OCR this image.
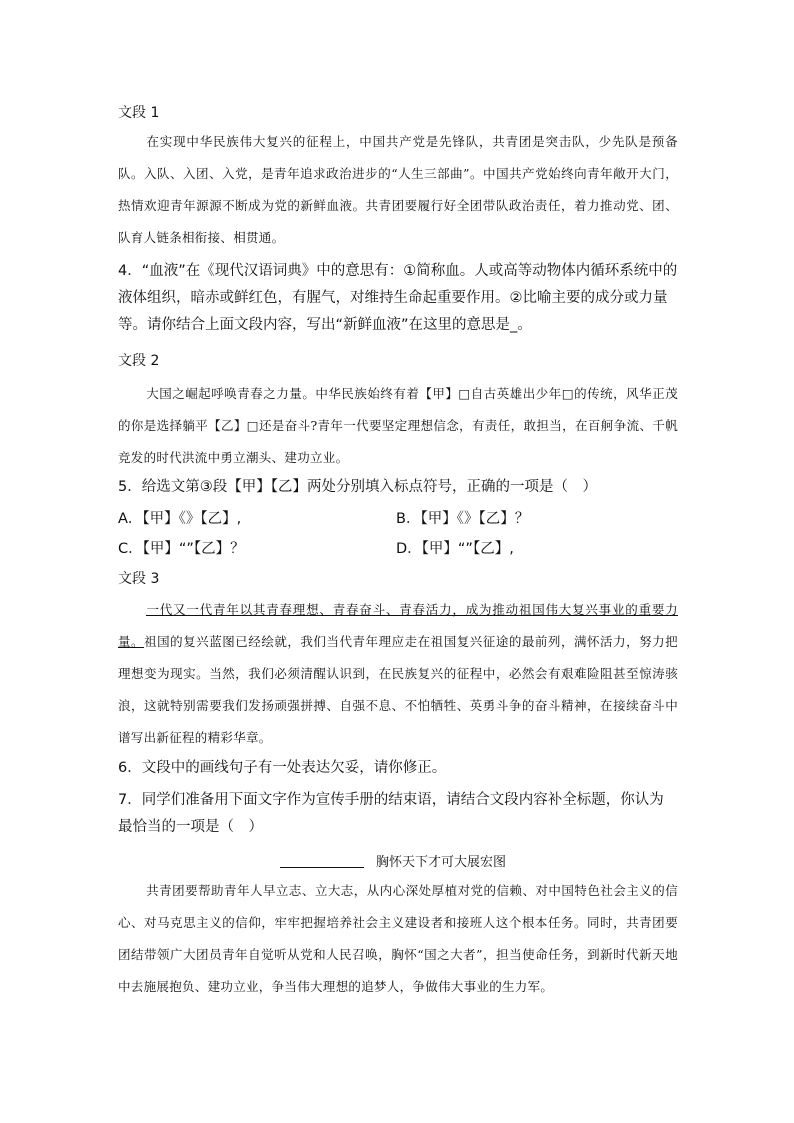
文段 1
在实现中华民族伟大复兴的征程上，中国共产党是先锋队，共青团是突击队，少先队是预备队。入队、入团、入党，是青年追求政治进步的“人生三部曲”。中国共产党始终向青年敞开大门，热情欢迎青年源源不断成为党的新鲜血液。共青团要履行好全团带队政治责任，着力推动党、团、队育人链条相衔接、相贯通。
4．“血液”在《现代汉语词典》中的意思有：①简称血。人或高等动物体内循环系统中的液体组织，暗赤或鲜红色，有腥气，对维持生命起重要作用。②比喻主要的成分或力量等。请你结合上面文段内容，写出“新鲜血液”在这里的意思是_。
文段 2
大国之崛起呼唤青春之力量。中华民族始终有着【甲】□自古英雄出少年□的传统，风华正茂的你是选择躺平【乙】□还是奋斗?青年一代要坚定理想信念，有责任，敢担当，在百舸争流、千帆竞发的时代洪流中勇立潮头、建功立业。
5．给选文第③段【甲】【乙】两处分别填入标点符号，正确的一项是（　）
A．【甲】《》【乙】,	B．【甲】《》【乙】？
C．【甲】“”【乙】？	D．【甲】“”【乙】,
文段 3
一代又一代青年以其青春理想、青春奋斗、青春活力，成为推动祖国伟大复兴事业的重要力量。祖国的复兴蓝图已经绘就，我们当代青年理应走在祖国复兴征途的最前列，满怀活力，努力把理想变为现实。当然，我们必须清醒认识到，在民族复兴的征程中，必然会有艰难险阻甚至惊涛骇浪，这就特别需要我们发扬顽强拼搏、自强不息、不怕牺牲、英勇斗争的奋斗精神，在接续奋斗中谱写出新征程的精彩华章。
6．文段中的画线句子有一处表达欠妥，请你修正。
7．同学们准备用下面文字作为宣传手册的结束语，请结合文段内容补全标题，你认为最恰当的一项是（　）
胸怀天下才可大展宏图
共青团要帮助青年人早立志、立大志，从内心深处厚植对党的信赖、对中国特色社会主义的信心、对马克思主义的信仰，牢牢把握培养社会主义建设者和接班人这个根本任务。同时，共青团要团结带领广大团员青年自觉听从党和人民召唤，胸怀“国之大者”，担当使命任务，到新时代新天地中去施展抱负、建功立业，争当伟大理想的追梦人，争做伟大事业的生力军。
